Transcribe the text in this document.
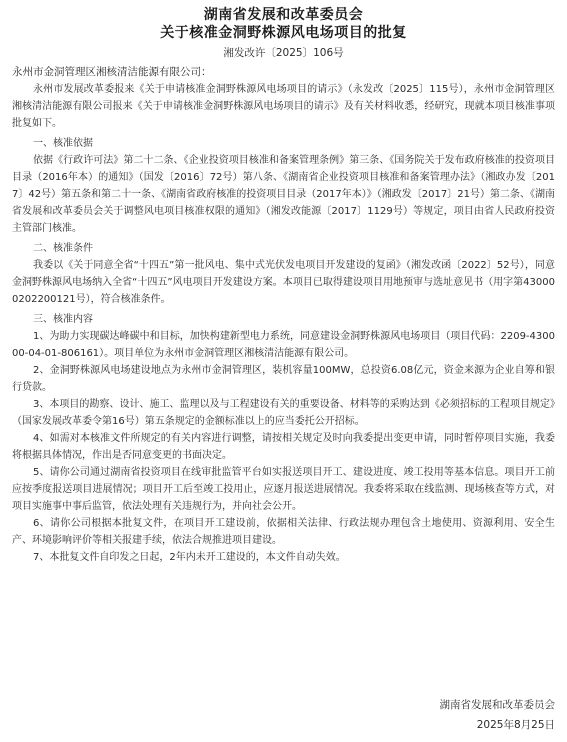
湖南省发展和改革委员会
关于核准金洞野株源风电场项目的批复
湘发改许〔2025〕106号

永州市金洞管理区湘核清洁能源有限公司：

永州市发展改革委报来《关于申请核准金洞野株源风电场项目的请示》（永发改〔2025〕115号），永州市金洞管理区湘核清洁能源有限公司报来《关于申请核准金洞野株源风电场项目的请示》及有关材料收悉，经研究，现就本项目核准事项批复如下。

一、核准依据

依据《行政许可法》第二十二条、《企业投资项目核准和备案管理条例》第三条、《国务院关于发布政府核准的投资项目目录（2016年本）的通知》（国发〔2016〕72号）第八条、《湖南省企业投资项目核准和备案管理办法》（湘政办发〔2017〕42号）第五条和第二十一条、《湖南省政府核准的投资项目目录（2017年本）》（湘政发〔2017〕21号）第二条、《湖南省发展和改革委员会关于调整风电项目核准权限的通知》（湘发改能源〔2017〕1129号）等规定，项目由省人民政府投资主管部门核准。

二、核准条件

我委以《关于同意全省“十四五”第一批风电、集中式光伏发电项目开发建设的复函》（湘发改函〔2022〕52号），同意金洞野株源风电场纳入全省“十四五”风电项目开发建设方案。本项目已取得建设项目用地预审与选址意见书（用字第430000202200121号），符合核准条件。

三、核准内容

1、为助力实现碳达峰碳中和目标，加快构建新型电力系统，同意建设金洞野株源风电场项目（项目代码：2209-430000-04-01-806161）。项目单位为永州市金洞管理区湘核清洁能源有限公司。

2、金洞野株源风电场建设地点为永州市金洞管理区，装机容量100MW，总投资6.08亿元，资金来源为企业自筹和银行贷款。

3、本项目的勘察、设计、施工、监理以及与工程建设有关的重要设备、材料等的采购达到《必须招标的工程项目规定》（国家发展改革委令第16号）第五条规定的金额标准以上的应当委托公开招标。

4、如需对本核准文件所规定的有关内容进行调整，请按相关规定及时向我委提出变更申请，同时暂停项目实施，我委将根据具体情况，作出是否同意变更的书面决定。

5、请你公司通过湖南省投资项目在线审批监管平台如实报送项目开工、建设进度、竣工投用等基本信息。项目开工前应按季度报送项目进展情况；项目开工后至竣工投用止，应逐月报送进展情况。我委将采取在线监测、现场核查等方式，对项目实施事中事后监管，依法处理有关违规行为，并向社会公开。

6、请你公司根据本批复文件，在项目开工建设前，依据相关法律、行政法规办理包含土地使用、资源利用、安全生产、环境影响评价等相关报建手续，依法合规推进项目建设。

7、本批复文件自印发之日起，2年内未开工建设的，本文件自动失效。

湖南省发展和改革委员会
2025年8月25日
